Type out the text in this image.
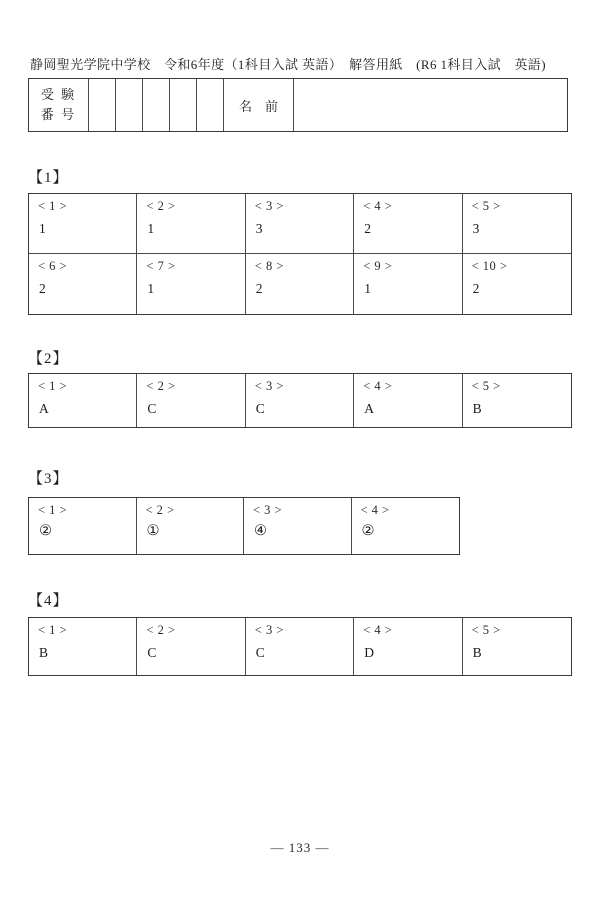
静岡聖光学院中学校　令和6年度（1科目入試 英語）　解答用紙　(R6 1科目入試　英語)
受 験
番 号
名　前
【1】
< 1 >
1
< 2 >
1
< 3 >
3
< 4 >
2
< 5 >
3
< 6 >
2
< 7 >
1
< 8 >
2
< 9 >
1
< 10 >
2
【2】
< 1 >
A
< 2 >
C
< 3 >
C
< 4 >
A
< 5 >
B
【3】
< 1 >
②
< 2 >
①
< 3 >
④
< 4 >
②
【4】
< 1 >
B
< 2 >
C
< 3 >
C
< 4 >
D
< 5 >
B
— 133 —
